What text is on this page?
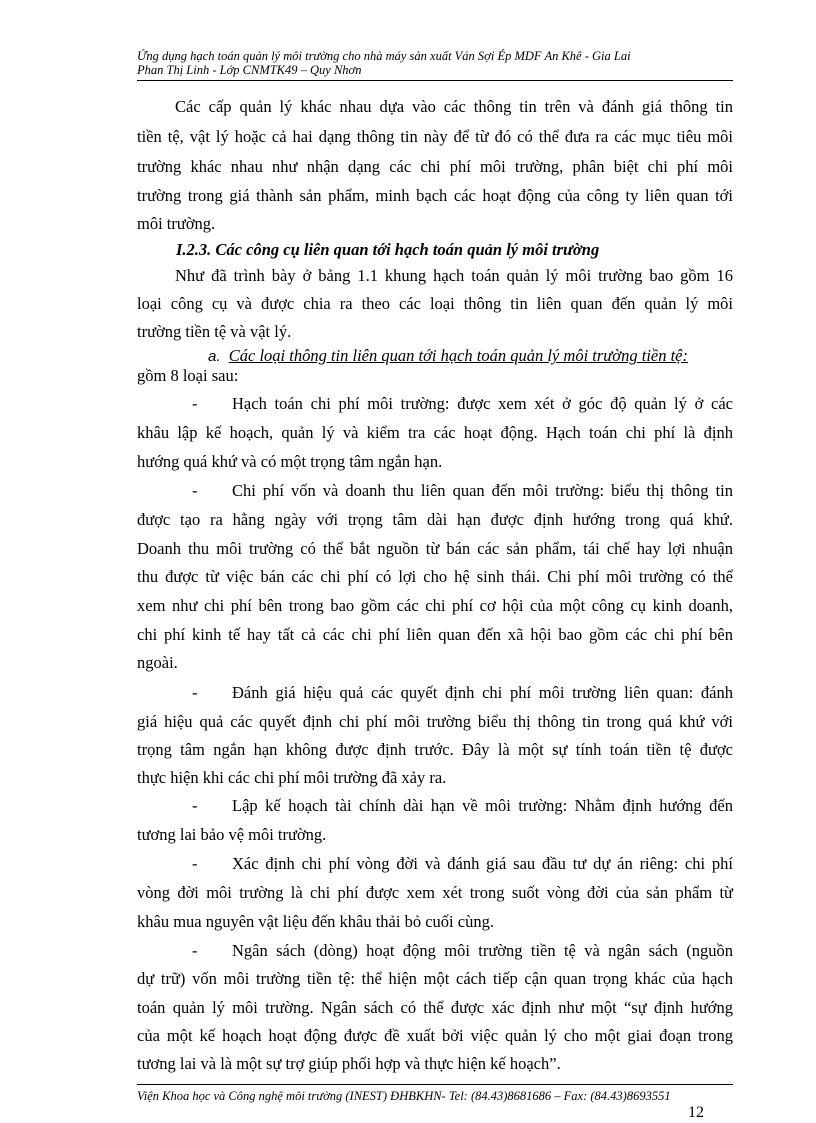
Ứng dụng hạch toán quản lý môi trường cho nhà máy sản xuất Ván Sợi Ép MDF An Khê - Gia Lai
Phan Thị Linh - Lớp CNMTK49 – Quy Nhơn
Các cấp quản lý khác nhau dựa vào các thông tin trên và đánh giá thông tin
tiền tệ, vật lý hoặc cả hai dạng thông tin này để từ đó có thể đưa ra các mục tiêu môi
trường khác nhau như nhận dạng các chi phí môi trường, phân biệt chi phí môi
trường trong giá thành sản phẩm, minh bạch các hoạt động của công ty liên quan tới
môi trường.
I.2.3. Các công cụ liên quan tới hạch toán quản lý môi trường
Như đã trình bày ở bảng 1.1 khung hạch toán quản lý môi trường bao gồm 16
loại công cụ và được chia ra theo các loại thông tin liên quan đến quản lý môi
trường tiền tệ và vật lý.
a. Các loại thông tin liên quan tới hạch toán quản lý môi trường tiền tệ:
gồm 8 loại sau:
- Hạch toán chi phí môi trường: được xem xét ở góc độ quản lý ở các
khâu lập kế hoạch, quản lý và kiểm tra các hoạt động. Hạch toán chi phí là định
hướng quá khứ và có một trọng tâm ngắn hạn.
- Chi phí vốn và doanh thu liên quan đến môi trường: biểu thị thông tin
được tạo ra hằng ngày với trọng tâm dài hạn được định hướng trong quá khứ.
Doanh thu môi trường có thể bắt nguồn từ bán các sản phẩm, tái chế hay lợi nhuận
thu được từ việc bán các chi phí có lợi cho hệ sinh thái. Chi phí môi trường có thể
xem như chi phí bên trong bao gồm các chi phí cơ hội của một công cụ kinh doanh,
chi phí kinh tế hay tất cả các chi phí liên quan đến xã hội bao gồm các chi phí bên
ngoài.
- Đánh giá hiệu quả các quyết định chi phí môi trường liên quan: đánh
giá hiệu quả các quyết định chi phí môi trường biểu thị thông tin trong quá khứ với
trọng tâm ngắn hạn không được định trước. Đây là một sự tính toán tiền tệ được
thực hiện khi các chi phí môi trường đã xảy ra.
- Lập kế hoạch tài chính dài hạn về môi trường: Nhằm định hướng đến
tương lai bảo vệ môi trường.
- Xác định chi phí vòng đời và đánh giá sau đầu tư dự án riêng: chi phí
vòng đời môi trường là chi phí được xem xét trong suốt vòng đời của sản phẩm từ
khâu mua nguyên vật liệu đến khâu thải bỏ cuối cùng.
- Ngân sách (dòng) hoạt động môi trường tiền tệ và ngân sách (nguồn
dự trữ) vốn môi trường tiền tệ: thể hiện một cách tiếp cận quan trọng khác của hạch
toán quản lý môi trường. Ngân sách có thể được xác định như một “sự định hướng
của một kế hoạch hoạt động được đề xuất bởi việc quản lý cho một giai đoạn trong
tương lai và là một sự trợ giúp phối hợp và thực hiện kế hoạch”.
Viện Khoa học và Công nghệ môi trường (INEST) ĐHBKHN- Tel: (84.43)8681686 – Fax: (84.43)8693551
12
